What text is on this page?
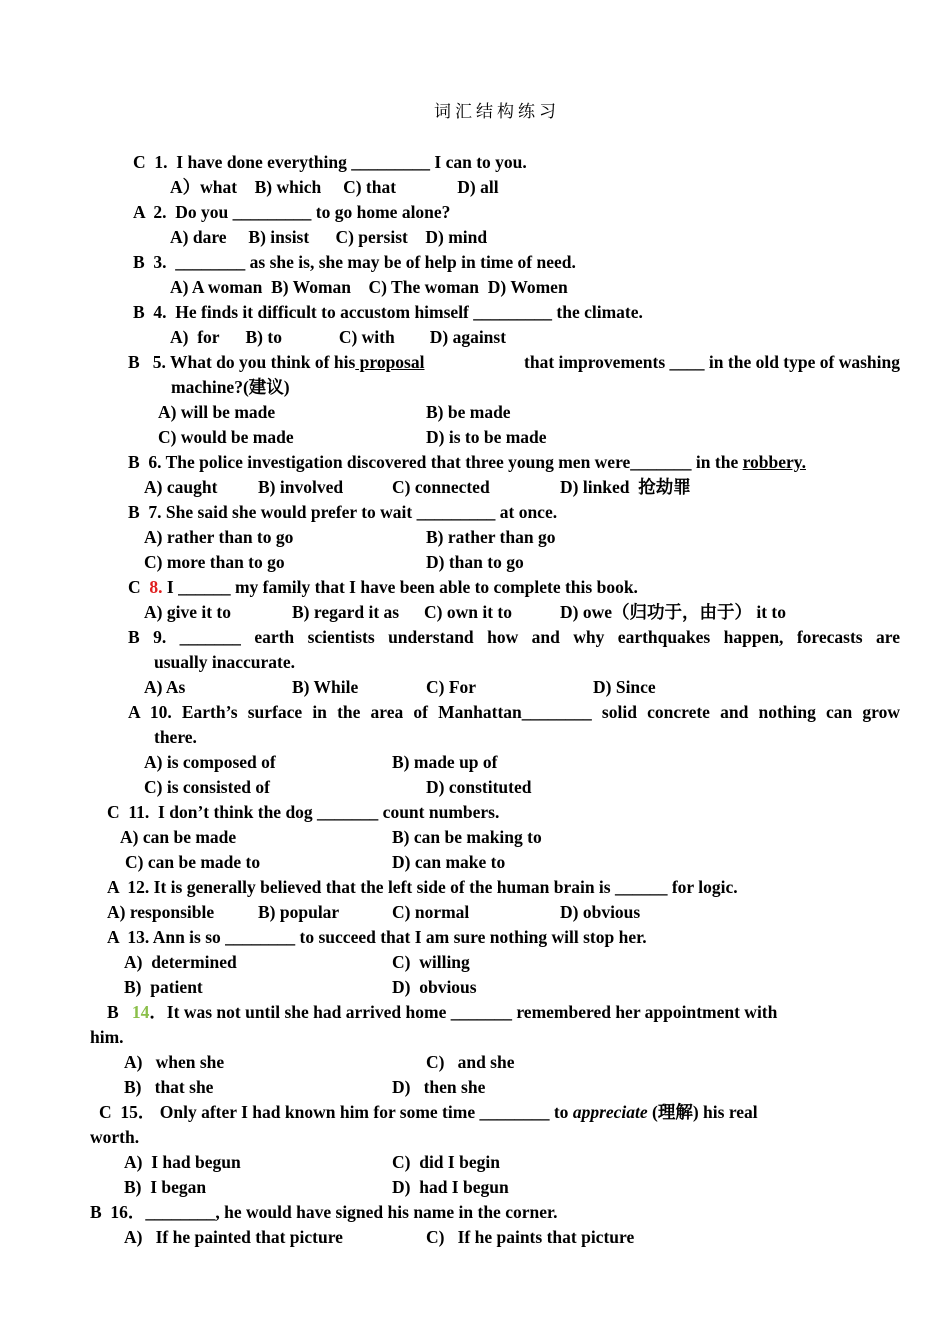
词汇结构练习
C  1.  I have done everything _________ I can to you.
A）what    B) which     C) that              D) all
A  2.  Do you _________ to go home alone?
A) dare     B) insist      C) persist    D) mind
B  3.  ________ as she is, she may be of help in time of need.
A) A woman  B) Woman    C) The woman  D) Women
B  4.  He finds it difficult to accustom himself _________ the climate.
A)  for      B) to             C) with        D) against
B   5. What do you think of his proposal	that improvements ____ in the old type of washing
machine?(建议)
A) will be made	B) be made
C) would be made	D) is to be made
B  6. The police investigation discovered that three young men were_______ in the robbery.
A) caught B) involved	C) connected	D) linked  抢劫罪
B  7. She said she would prefer to wait _________ at once.
A) rather than to go	B) rather than go
C) more than to go	D) than to go
C  8. I ______ my family that I have been able to complete this book.
A) give it to	B) regard it as C) own it to	D) owe（归功于，由于） it to
B 9. _______ earth scientists understand how and why earthquakes happen, forecasts are
usually inaccurate.
A) As	B) While	C) For	D) Since
A 10. Earth’s surface in the area of Manhattan________ solid concrete and nothing can grow
there.
A) is composed of	B) made up of
C) is consisted of	D) constituted
C  11.  I don’t think the dog _______ count numbers.
A) can be made	B) can be making to
C) can be made to	D) can make to
A  12. It is generally believed that the left side of the human brain is ______ for logic.
A) responsible	B) popular	C) normal	D) obvious
A  13. Ann is so ________ to succeed that I am sure nothing will stop her.
A)  determined	C)  willing
B)  patient	D)  obvious
B   14．It was not until she had arrived home _______ remembered her appointment with
him.
A)   when she	C)   and she
B)   that she	D)   then she
C  15． Only after I had known him for some time ________ to appreciate (理解) his real
worth.
A)  I had begun	C)  did I begin
B)  I began	D)  had I begun
B  16．________, he would have signed his name in the corner.
A)   If he painted that picture	C)   If he paints that picture
